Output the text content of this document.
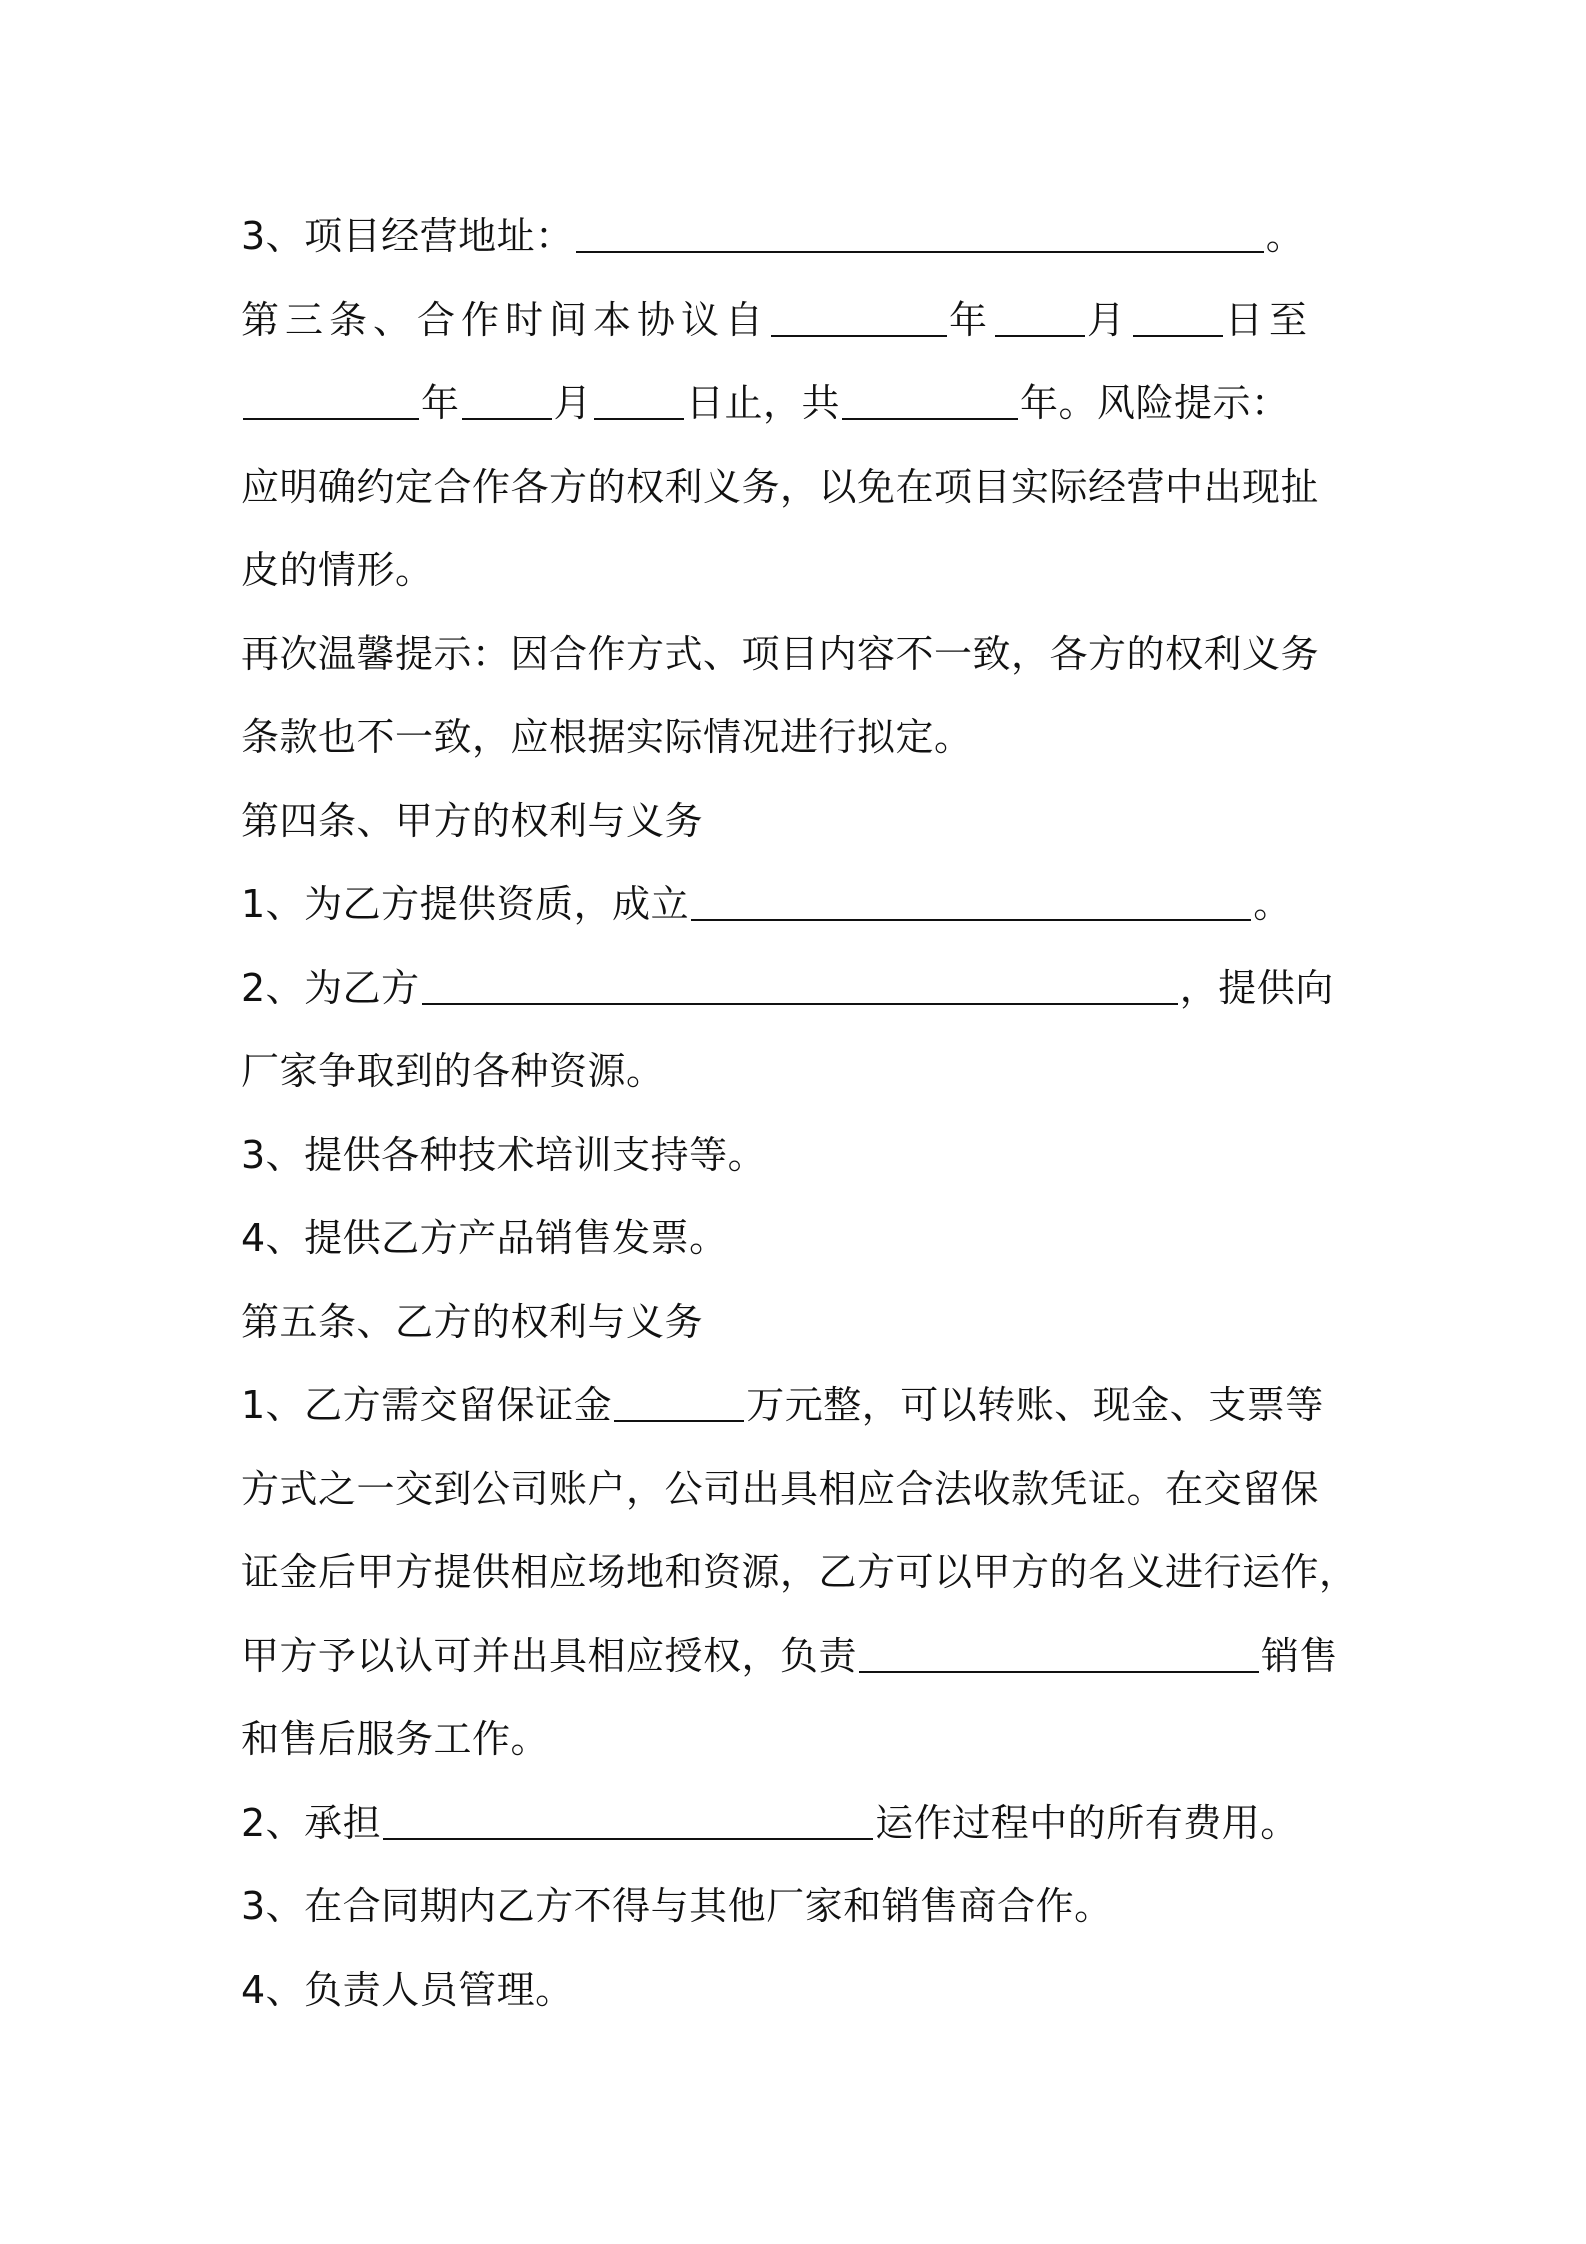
3、项目经营地址：	。
第三条、合作时间本协议自	年 月 日至
年 月 日止，共	年。风险提示：
应明确约定合作各方的权利义务，以免在项目实际经营中出现扯
皮的情形。
再次温馨提示：因合作方式、项目内容不一致，各方的权利义务
条款也不一致，应根据实际情况进行拟定。
第四条、甲方的权利与义务
1、为乙方提供资质，成立	。
2、为乙方	，提供向
厂家争取到的各种资源。
3、提供各种技术培训支持等。
4、提供乙方产品销售发票。
第五条、乙方的权利与义务
1、乙方需交留保证金	万元整，可以转账、现金、支票等
方式之一交到公司账户，公司出具相应合法收款凭证。在交留保
证金后甲方提供相应场地和资源，乙方可以甲方的名义进行运作，
甲方予以认可并出具相应授权，负责	销售
和售后服务工作。
2、承担	运作过程中的所有费用。
3、在合同期内乙方不得与其他厂家和销售商合作。
4、负责人员管理。
